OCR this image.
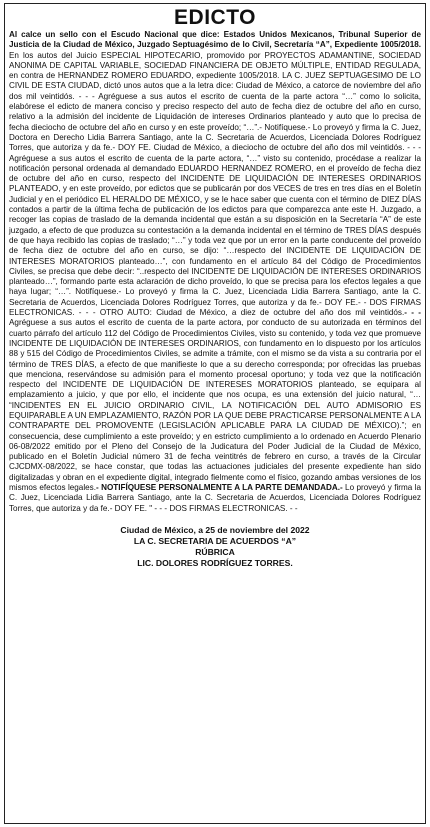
EDICTO

Al calce un sello con el Escudo Nacional que dice: Estados Unidos Mexicanos, Tribunal Superior de Justicia de la Ciudad de México, Juzgado Septuagésimo de lo Civil, Secretaría “A”, Expediente 1005/2018. En los autos del Juicio ESPECIAL HIPOTECARIO, promovido por PROYECTOS ADAMANTINE, SOCIEDAD ANONIMA DE CAPITAL VARIABLE, SOCIEDAD FINANCIERA DE OBJETO MÚLTIPLE, ENTIDAD REGULADA, en contra de HERNANDEZ ROMERO EDUARDO, expediente 1005/2018. LA C. JUEZ SEPTUAGESIMO DE LO CIVIL DE ESTA CIUDAD, dictó unos autos que a la letra dice: Ciudad de México, a catorce de noviembre del año dos mil veintidós. - - - Agréguese a sus autos el escrito de cuenta de la parte actora “…” como lo solicita, elabórese el edicto de manera conciso y preciso respecto del auto de fecha diez de octubre del año en curso, relativo a la admisión del incidente de Liquidación de intereses Ordinarios planteado y auto que lo precisa de fecha dieciocho de octubre del año en curso y en este proveído; “…”.- Notifíquese.- Lo proveyó y firma la C. Juez, Doctora en Derecho Lidia Barrera Santiago, ante la C. Secretaria de Acuerdos, Licenciada Dolores Rodríguez Torres, que autoriza y da fe.- DOY FE. Ciudad de México, a dieciocho de octubre del año dos mil veintidós. - - - Agréguese a sus autos el escrito de cuenta de la parte actora, “…” visto su contenido, procédase a realizar la notificación personal ordenada al demandado EDUARDO HERNANDEZ ROMERO, en el proveído de fecha diez de octubre del año en curso, respecto del INCIDENTE DE LIQUIDACIÓN DE INTERESES ORDINARIOS PLANTEADO, y en este proveído, por edictos que se publicarán por dos VECES de tres en tres días en el Boletín Judicial y en el periódico EL HERALDO DE MÉXICO, y se le hace saber que cuenta con el término de DIEZ DÍAS contados a partir de la última fecha de publicación de los edictos para que comparezca ante este H. Juzgado, a recoger las copias de traslado de la demanda incidental que están a su disposición en la Secretaría “A” de este juzgado, a efecto de que produzca su contestación a la demanda incidental en el término de TRES DÍAS después de que haya recibido las copias de traslado; “…” y toda vez que por un error en la parte conducente del proveído de fecha diez de octubre del año en curso, se dijo: “…respecto del INCIDENTE DE LIQUIDACIÓN DE INTERESES MORATORIOS planteado…”, con fundamento en el artículo 84 del Código de Procedimientos Civiles, se precisa que debe decir: “..respecto del INCIDENTE DE LIQUIDACIÓN DE INTERESES ORDINARIOS planteado…”, formando parte esta aclaración de dicho proveído, lo que se precisa para los efectos legales a que haya lugar; “…”. Notifíquese.- Lo proveyó y firma la C. Juez, Licenciada Lidia Barrera Santiago, ante la C. Secretaria de Acuerdos, Licenciada Dolores Rodríguez Torres, que autoriza y da fe.- DOY FE.- - DOS FIRMAS ELECTRONICAS. - - - OTRO AUTO: Ciudad de México, a diez de octubre del año dos mil veintidós.- - - Agréguese a sus autos el escrito de cuenta de la parte actora, por conducto de su autorizada en términos del cuarto párrafo del artículo 112 del Código de Procedimientos Civiles, visto su contenido, y toda vez que promueve INCIDENTE DE LIQUIDACIÓN DE INTERESES ORDINARIOS, con fundamento en lo dispuesto por los artículos 88 y 515 del Código de Procedimientos Civiles, se admite a trámite, con el mismo se da vista a su contraria por el término de TRES DÍAS, a efecto de que manifieste lo que a su derecho corresponda; por ofrecidas las pruebas que menciona, reservándose su admisión para el momento procesal oportuno; y toda vez que la notificación respecto del INCIDENTE DE LIQUIDACIÓN DE INTERESES MORATORIOS planteado, se equipara al emplazamiento a juicio, y que por ello, el incidente que nos ocupa, es una extensión del juicio natural, “… “INCIDENTES EN EL JUICIO ORDINARIO CIVIL, LA NOTIFICACIÓN DEL AUTO ADMISORIO ES EQUIPARABLE A UN EMPLAZAMIENTO, RAZÓN POR LA QUE DEBE PRACTICARSE PERSONALMENTE A LA CONTRAPARTE DEL PROMOVENTE (LEGISLACIÓN APLICABLE PARA LA CIUDAD DE MÉXICO).”; en consecuencia, dese cumplimiento a este proveído; y en estricto cumplimiento a lo ordenado en Acuerdo Plenario 06-08/2022 emitido por el Pleno del Consejo de la Judicatura del Poder Judicial de la Ciudad de México, publicado en el Boletín Judicial número 31 de fecha veintitrés de febrero en curso, a través de la Circular CJCDMX-08/2022, se hace constar, que todas las actuaciones judiciales del presente expediente han sido digitalizadas y obran en el expediente digital, integrado fielmente como el físico, gozando ambas versiones de los mismos efectos legales.- NOTIFÍQUESE PERSONALMENTE A LA PARTE DEMANDADA.- Lo proveyó y firma la C. Juez, Licenciada Lidia Barrera Santiago, ante la C. Secretaria de Acuerdos, Licenciada Dolores Rodríguez Torres, que autoriza y da fe.- DOY FE. " - - - DOS FIRMAS ELECTRONICAS. - -

Ciudad de México, a 25 de noviembre del 2022
LA C. SECRETARIA DE ACUERDOS “A”
RÚBRICA
LIC. DOLORES RODRÍGUEZ TORRES.
